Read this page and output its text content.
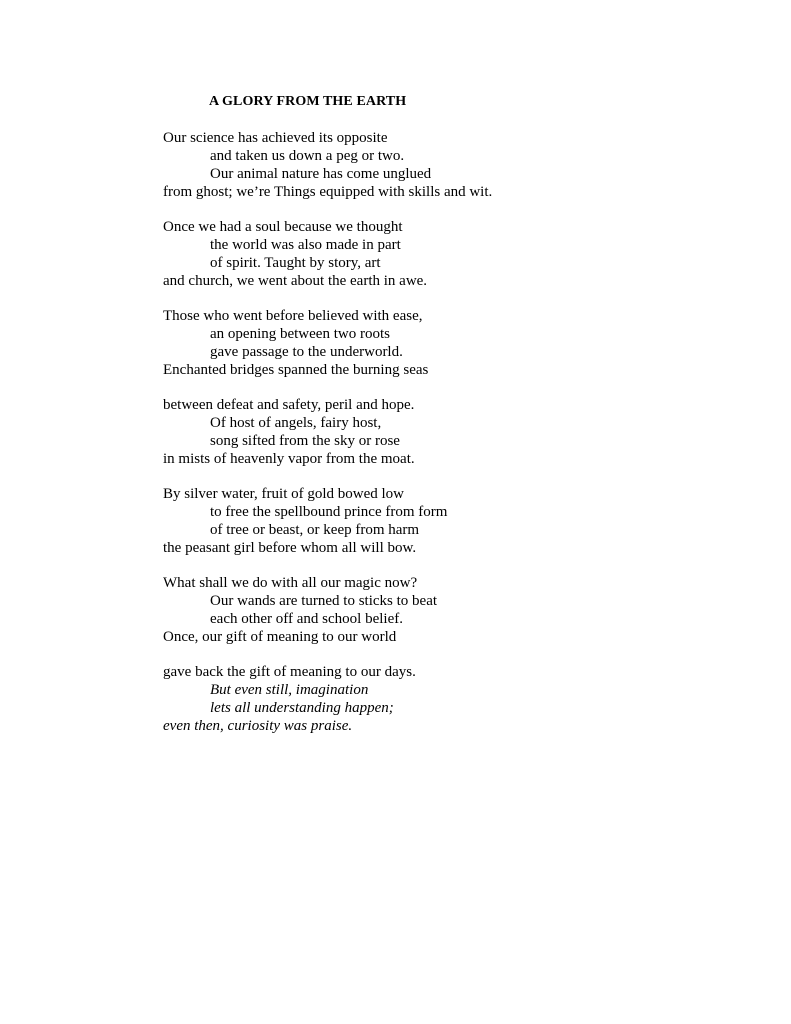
A GLORY FROM THE EARTH
Our science has achieved its opposite
and taken us down a peg or two.
Our animal nature has come unglued
from ghost; we’re Things equipped with skills and wit.
Once we had a soul because we thought
the world was also made in part
of spirit. Taught by story, art
and church, we went about the earth in awe.
Those who went before believed with ease,
an opening between two roots
gave passage to the underworld.
Enchanted bridges spanned the burning seas
between defeat and safety, peril and hope.
Of host of angels, fairy host,
song sifted from the sky or rose
in mists of heavenly vapor from the moat.
By silver water, fruit of gold bowed low
to free the spellbound prince from form
of tree or beast, or keep from harm
the peasant girl before whom all will bow.
What shall we do with all our magic now?
Our wands are turned to sticks to beat
each other off and school belief.
Once, our gift of meaning to our world
gave back the gift of meaning to our days.
But even still, imagination
lets all understanding happen;
even then, curiosity was praise.
